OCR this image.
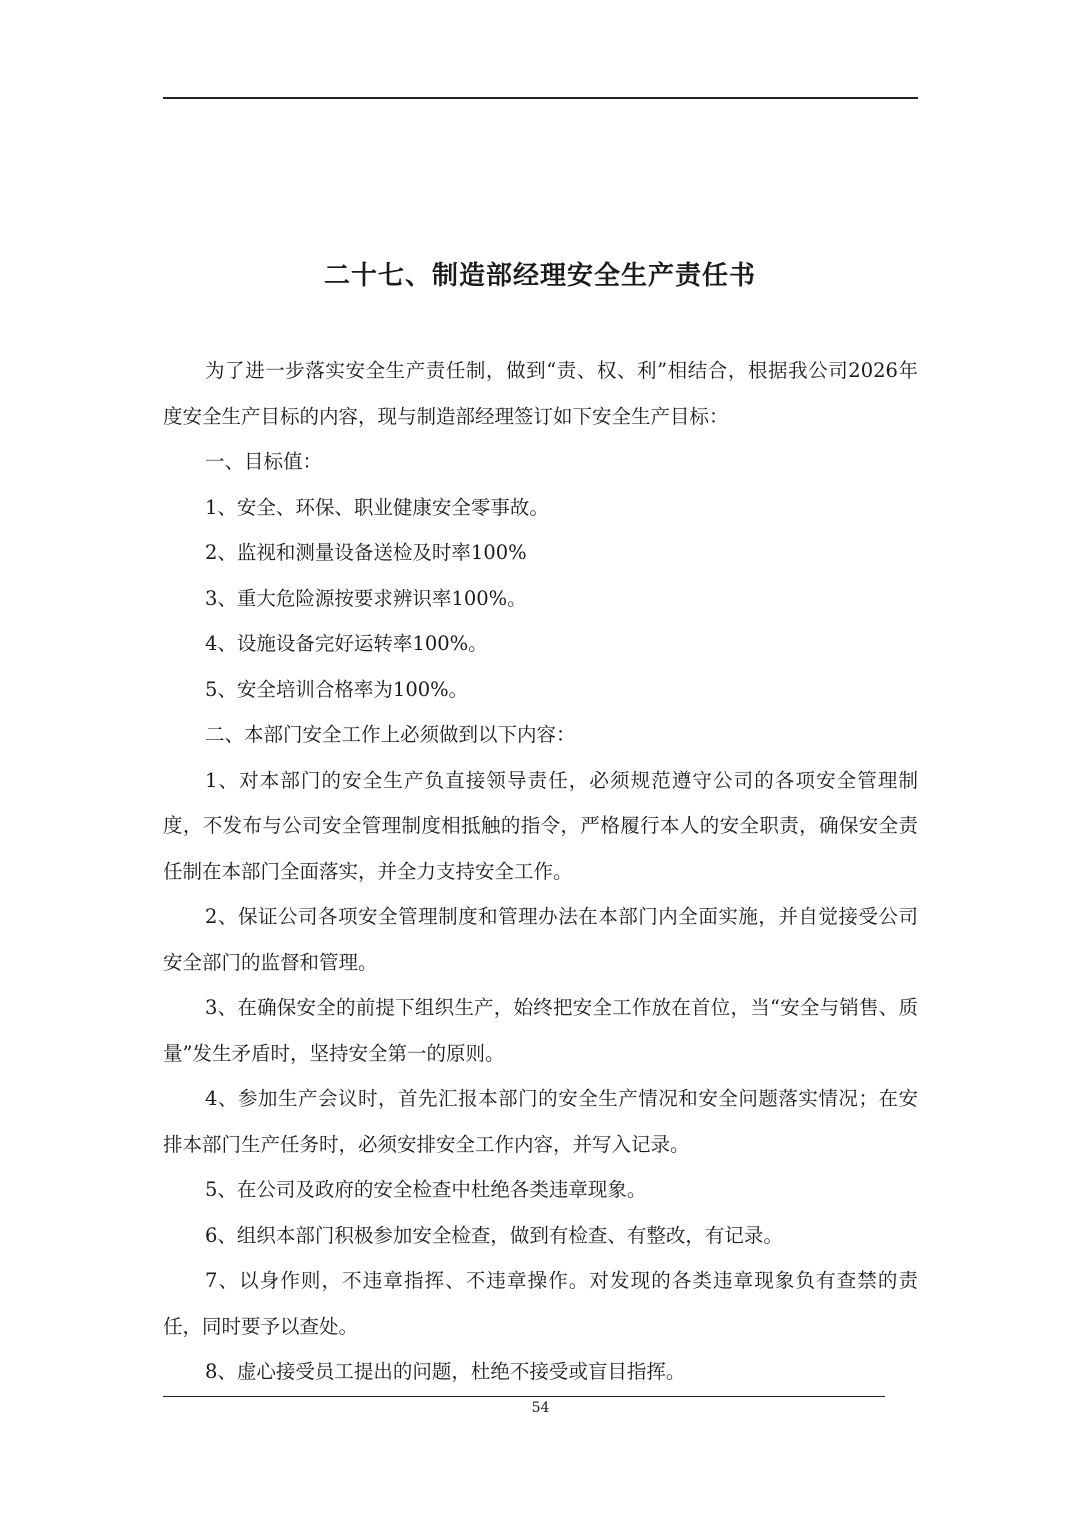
二十七、制造部经理安全生产责任书

为了进一步落实安全生产责任制，做到“责、权、利”相结合，根据我公司2026年度安全生产目标的内容，现与制造部经理签订如下安全生产目标：

一、目标值：

1、安全、环保、职业健康安全零事故。

2、监视和测量设备送检及时率100%

3、重大危险源按要求辨识率100%。

4、设施设备完好运转率100%。

5、安全培训合格率为100%。

二、本部门安全工作上必须做到以下内容：

1、对本部门的安全生产负直接领导责任，必须规范遵守公司的各项安全管理制度，不发布与公司安全管理制度相抵触的指令，严格履行本人的安全职责，确保安全责任制在本部门全面落实，并全力支持安全工作。

2、保证公司各项安全管理制度和管理办法在本部门内全面实施，并自觉接受公司安全部门的监督和管理。

3、在确保安全的前提下组织生产，始终把安全工作放在首位，当“安全与销售、质量”发生矛盾时，坚持安全第一的原则。

4、参加生产会议时，首先汇报本部门的安全生产情况和安全问题落实情况；在安排本部门生产任务时，必须安排安全工作内容，并写入记录。

5、在公司及政府的安全检查中杜绝各类违章现象。

6、组织本部门积极参加安全检查，做到有检查、有整改，有记录。

7、以身作则，不违章指挥、不违章操作。对发现的各类违章现象负有查禁的责任，同时要予以查处。

8、虚心接受员工提出的问题，杜绝不接受或盲目指挥。

54
